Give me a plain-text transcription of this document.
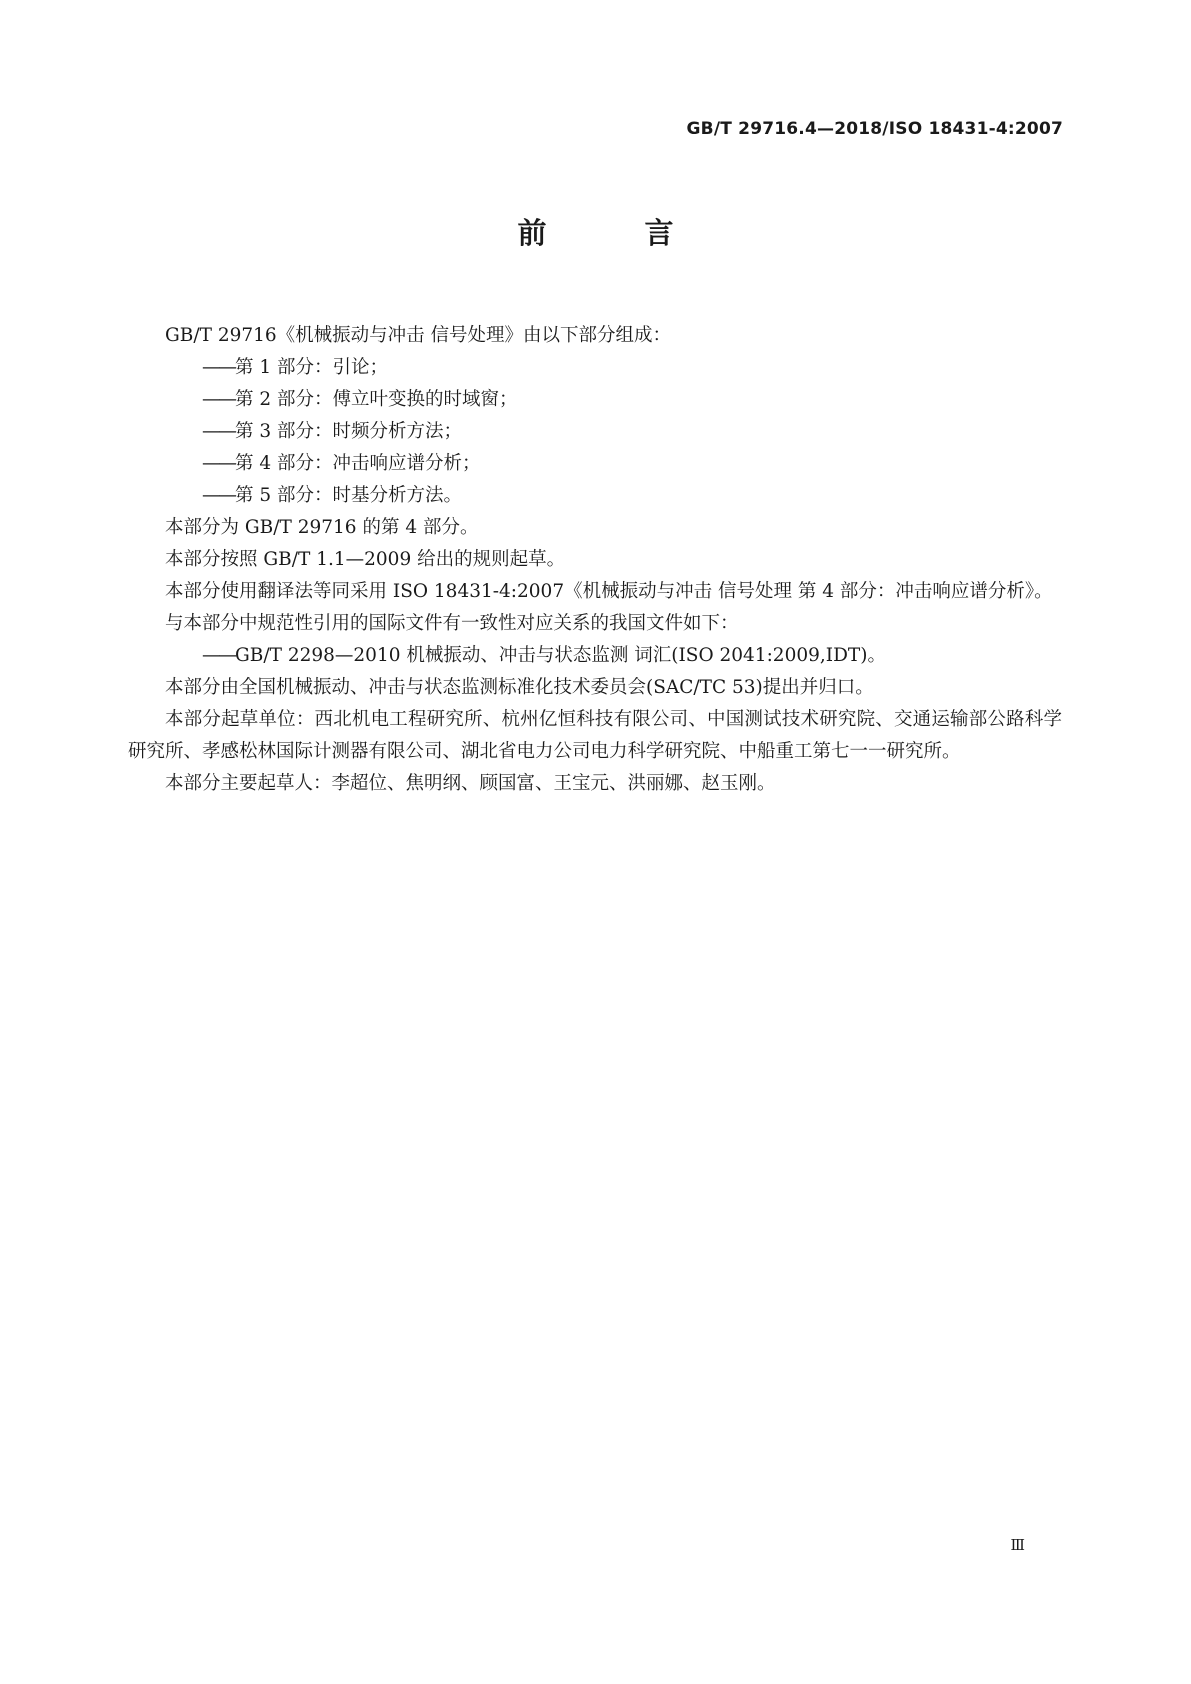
GB/T 29716.4—2018/ISO 18431-4:2007
前 言

GB/T 29716《机械振动与冲击 信号处理》由以下部分组成：

——第 1 部分：引论；

——第 2 部分：傅立叶变换的时域窗；

——第 3 部分：时频分析方法；

——第 4 部分：冲击响应谱分析；

——第 5 部分：时基分析方法。

本部分为 GB/T 29716 的第 4 部分。

本部分按照 GB/T 1.1—2009 给出的规则起草。

本部分使用翻译法等同采用 ISO 18431-4:2007《机械振动与冲击 信号处理 第 4 部分：冲击响应谱分析》。

与本部分中规范性引用的国际文件有一致性对应关系的我国文件如下：

——GB/T 2298—2010 机械振动、冲击与状态监测 词汇(ISO 2041:2009,IDT)。

本部分由全国机械振动、冲击与状态监测标准化技术委员会(SAC/TC 53)提出并归口。

本部分起草单位：西北机电工程研究所、杭州亿恒科技有限公司、中国测试技术研究院、交通运输部公路科学研究所、孝感松林国际计测器有限公司、湖北省电力公司电力科学研究院、中船重工第七一一研究所。

本部分主要起草人：李超位、焦明纲、顾国富、王宝元、洪丽娜、赵玉刚。

Ⅲ
